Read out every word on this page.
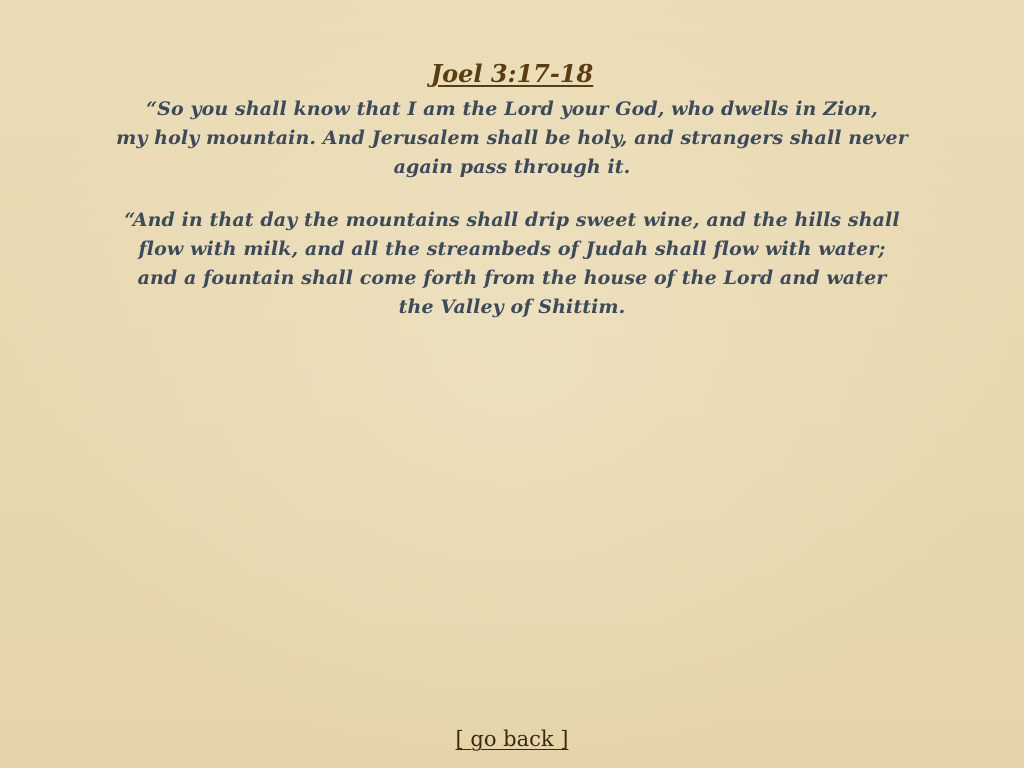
Joel 3:17-18
“So you shall know that I am the Lord your God, who dwells in Zion,
my holy mountain. And Jerusalem shall be holy, and strangers shall never
again pass through it.
“And in that day the mountains shall drip sweet wine, and the hills shall
flow with milk, and all the streambeds of Judah shall flow with water;
and a fountain shall come forth from the house of the Lord and water
the Valley of Shittim.
[ go back ]
